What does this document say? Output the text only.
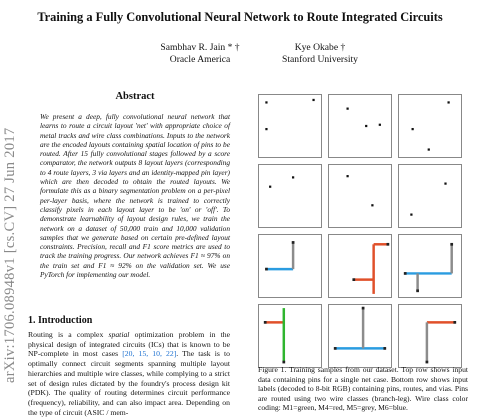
arXiv:1706.08948v1 [cs.CV] 27 Jun 2017
Training a Fully Convolutional Neural Network to Route Integrated Circuits
Sambhav R. Jain * †
Oracle America
Kye Okabe †
Stanford University
Abstract
We present a deep, fully convolutional neural network that learns to route a circuit layout 'net' with appropriate choice of metal tracks and wire class combinations. Inputs to the network are the encoded layouts containing spatial location of pins to be routed. After 15 fully convolutional stages followed by a score comparator, the network outputs 8 layout layers (corresponding to 4 route layers, 3 via layers and an identity-mapped pin layer) which are then decoded to obtain the routed layouts. We formulate this as a binary segmentation problem on a per-pixel per-layer basis, where the network is trained to correctly classify pixels in each layout layer to be 'on' or 'off'. To demonstrate learnability of layout design rules, we train the network on a dataset of 50,000 train and 10,000 validation samples that we generate based on certain pre-defined layout constraints. Precision, recall and F1 score metrics are used to track the training progress. Our network achieves F1 ≈ 97% on the train set and F1 ≈ 92% on the validation set. We use PyTorch for implementing our model.
1. Introduction
Routing is a complex spatial optimization problem in the physical design of integrated circuits (ICs) that is known to be NP-complete in most cases [20, 15, 10, 22]. The task is to optimally connect circuit segments spanning multiple layout hierarchies and multiple wire classes, while complying to a strict set of design rules dictated by the foundry's process design kit (PDK). The quality of routing determines circuit performance (frequency), reliability, and can also impact area. Depending on the type of circuit (ASIC / mem-
Figure 1. Training samples from our dataset. Top row shows input data containing pins for a single net case. Bottom row shows input labels (decoded to 8-bit RGB) containing pins, routes, and vias. Pins are routed using two wire classes (branch-leg). Wire class color coding: M1=green, M4=red, M5=grey, M6=blue.
